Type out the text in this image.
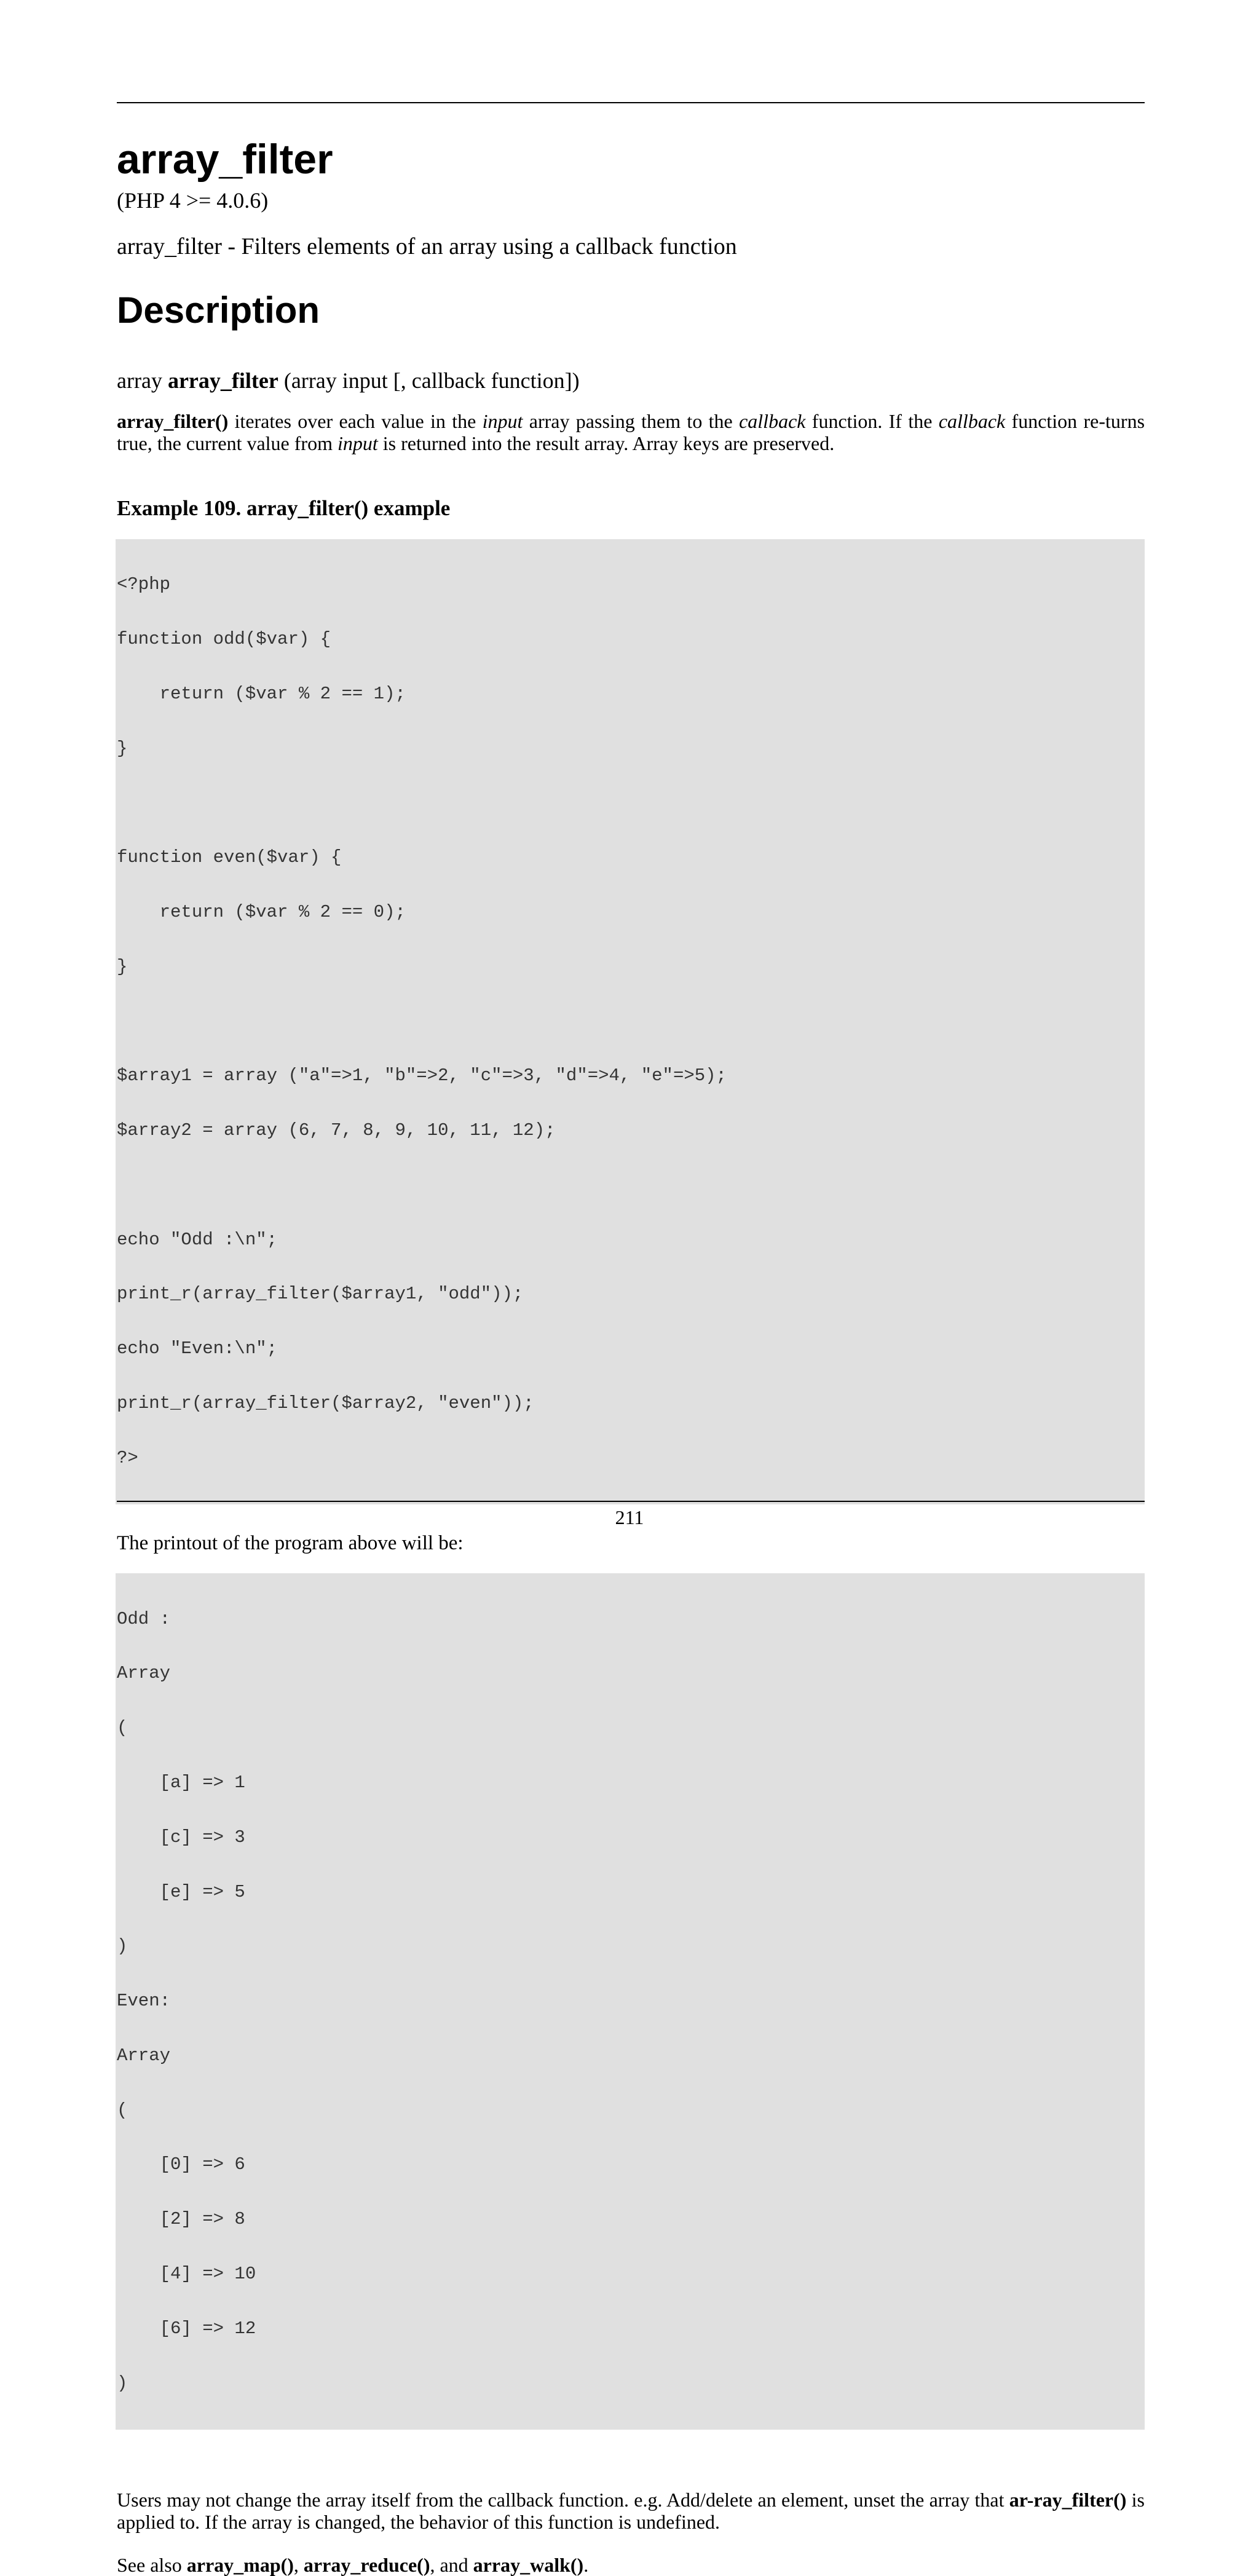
array_filter

(PHP 4 >= 4.0.6)

array_filter - Filters elements of an array using a callback function

Description

array array_filter (array input [, callback function])

array_filter() iterates over each value in the input array passing them to the callback function. If the callback function re-turns true, the current value from input is returned into the result array. Array keys are preserved.

Example 109. array_filter() example

<?php

function odd($var) {

return ($var % 2 == 1);

}

function even($var) {

return ($var % 2 == 0);

}

$array1 = array ("a"=>1, "b"=>2, "c"=>3, "d"=>4, "e"=>5);

$array2 = array (6, 7, 8, 9, 10, 11, 12);

echo "Odd :\n";

print_r(array_filter($array1, "odd"));

echo "Even:\n";

print_r(array_filter($array2, "even"));

?>

The printout of the program above will be:

Odd :

Array

(

[a] => 1

[c] => 3

[e] => 5

)

Even:

Array

(

[0] => 6

[2] => 8

[4] => 10

[6] => 12

)

Users may not change the array itself from the callback function. e.g. Add/delete an element, unset the array that ar-ray_filter() is applied to. If the array is changed, the behavior of this function is undefined.

See also array_map(), array_reduce(), and array_walk().

211
